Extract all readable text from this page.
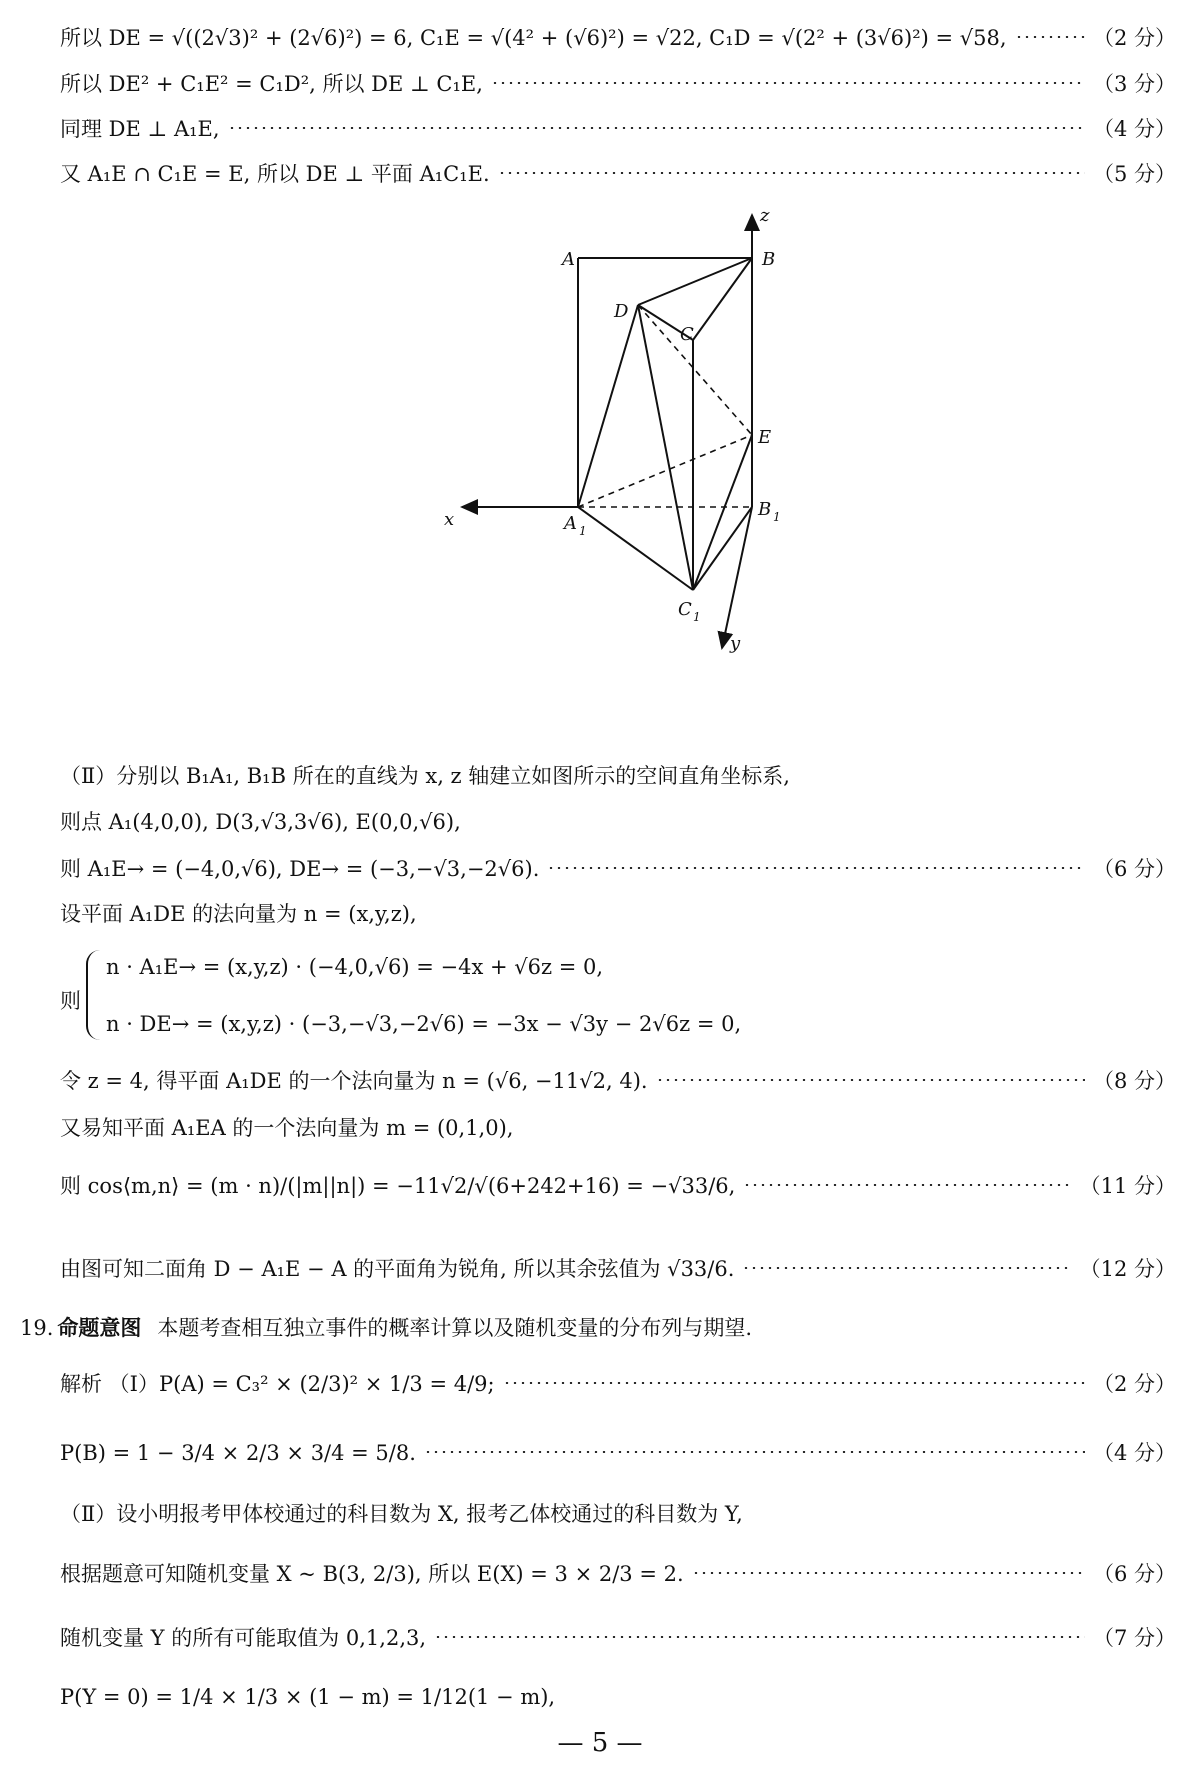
所以 DE = √((2√3)² + (2√6)²) = 6, C₁E = √(4² + (√6)²) = √22, C₁D = √(2² + (3√6)²) = √58,	（2 分）
所以 DE² + C₁E² = C₁D², 所以 DE ⊥ C₁E,	（3 分）
同理 DE ⊥ A₁E,	（4 分）
又 A₁E ∩ C₁E = E, 所以 DE ⊥ 平面 A₁C₁E.	（5 分）
z
A	B
D
C
E
x	A 1
B 1
C 1
y
（Ⅱ）分别以 B₁A₁, B₁B 所在的直线为 x, z 轴建立如图所示的空间直角坐标系,
则点 A₁(4,0,0), D(3,√3,3√6), E(0,0,√6),
则 A₁E→ = (−4,0,√6), DE→ = (−3,−√3,−2√6).	（6 分）
设平面 A₁DE 的法向量为 n = (x,y,z),
则
n · A₁E→ = (x,y,z) · (−4,0,√6) = −4x + √6z = 0,
n · DE→ = (x,y,z) · (−3,−√3,−2√6) = −3x − √3y − 2√6z = 0,
令 z = 4, 得平面 A₁DE 的一个法向量为 n = (√6, −11√2, 4).	（8 分）
又易知平面 A₁EA 的一个法向量为 m = (0,1,0),
则 cos⟨m,n⟩ = (m · n)/(|m||n|) = −11√2/√(6+242+16) = −√33/6,	（11 分）
由图可知二面角 D − A₁E − A 的平面角为锐角, 所以其余弦值为 √33/6.	（12 分）
19. 命题意图 本题考查相互独立事件的概率计算以及随机变量的分布列与期望.
解析 （Ⅰ）P(A) = C₃² × (2/3)² × 1/3 = 4/9;	（2 分）
P(B) = 1 − 3/4 × 2/3 × 3/4 = 5/8.	（4 分）
（Ⅱ）设小明报考甲体校通过的科目数为 X, 报考乙体校通过的科目数为 Y,
根据题意可知随机变量 X ~ B(3, 2/3), 所以 E(X) = 3 × 2/3 = 2.	（6 分）
随机变量 Y 的所有可能取值为 0,1,2,3,	（7 分）
P(Y = 0) = 1/4 × 1/3 × (1 − m) = 1/12(1 − m),
— 5 —
